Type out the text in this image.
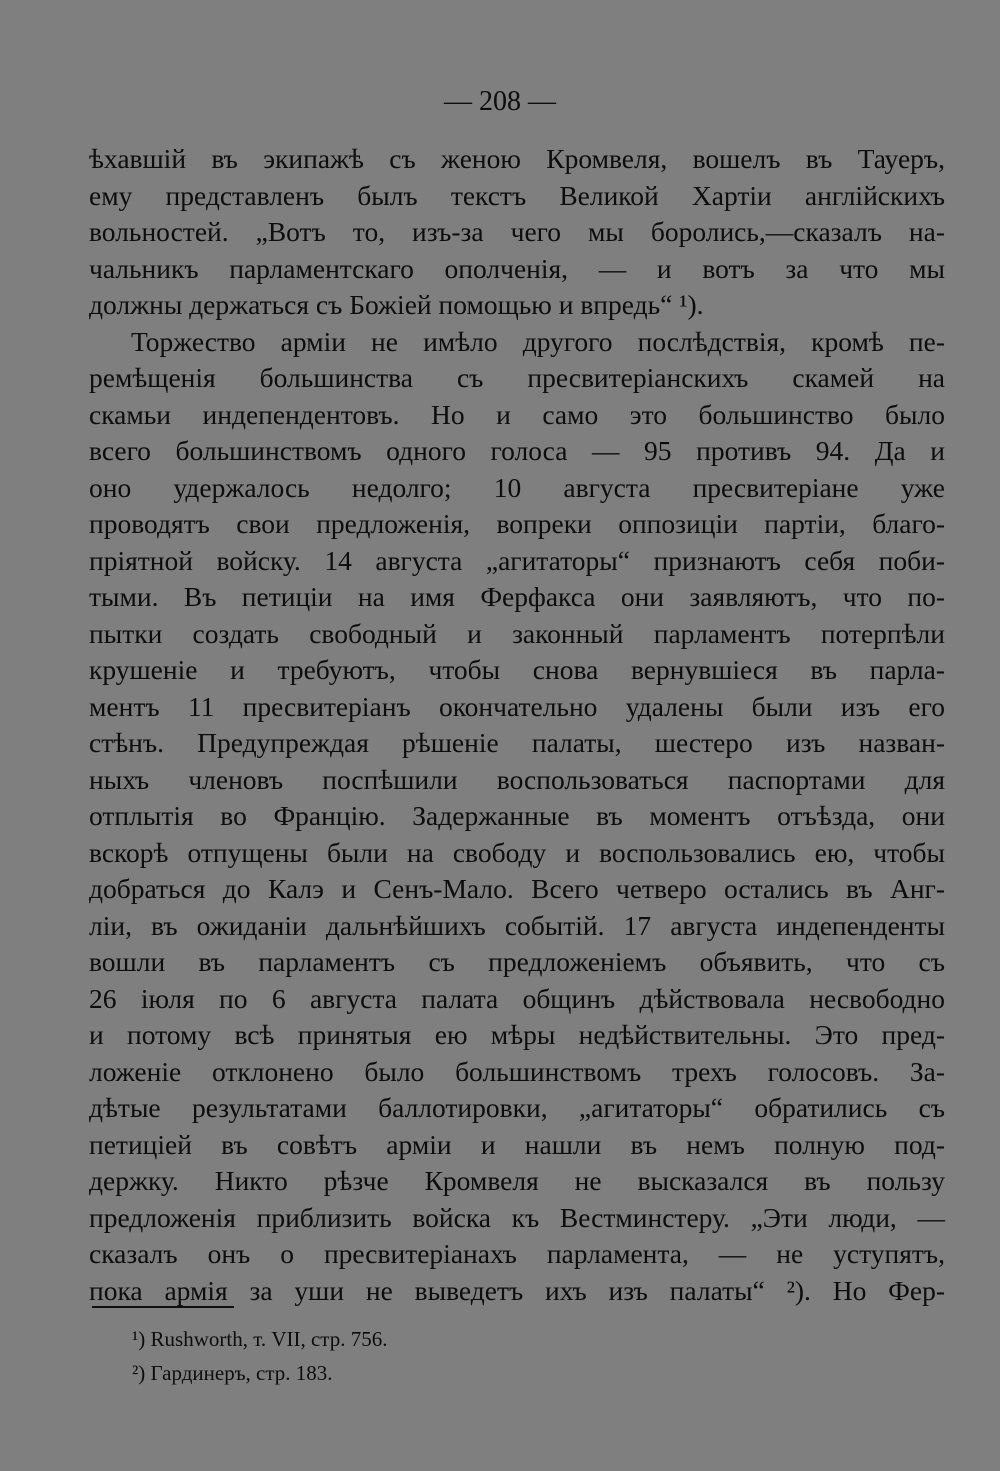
— 208 —
ѣхавшiй въ экипажѣ съ женою Кромвеля, вошелъ въ Тауеръ,
ему представленъ былъ текстъ Великой Хартiи англiйскихъ
вольностей. „Вотъ то, изъ-за чего мы боролись,—сказалъ на-
чальникъ парламентскаго ополченiя, — и вотъ за что мы
должны держаться съ Божiей помощью и впредь“ ¹).
Торжество армiи не имѣло другого послѣдствiя, кромѣ пе-
ремѣщенiя большинства съ пресвитерiанскихъ скамей на
скамьи индепендентовъ. Но и само это большинство было
всего большинствомъ одного голоса — 95 противъ 94. Да и
оно удержалось недолго; 10 августа пресвитерiане уже
проводятъ свои предложенiя, вопреки оппозицiи партiи, благо-
прiятной войску. 14 августа „агитаторы“ признаютъ себя поби-
тыми. Въ петицiи на имя Ферфакса они заявляютъ, что по-
пытки создать свободный и законный парламентъ потерпѣли
крушенiе и требуютъ, чтобы снова вернувшiеся въ парла-
ментъ 11 пресвитерiанъ окончательно удалены были изъ его
стѣнъ. Предупреждая рѣшенiе палаты, шестеро изъ назван-
ныхъ членовъ поспѣшили воспользоваться паспортами для
отплытiя во Францiю. Задержанные въ моментъ отъѣзда, они
вскорѣ отпущены были на свободу и воспользовались ею, чтобы
добраться до Калэ и Сенъ-Мало. Всего четверо остались въ Анг-
лiи, въ ожиданiи дальнѣйшихъ событiй. 17 августа индепенденты
вошли въ парламентъ съ предложенiемъ объявить, что съ
26 iюля по 6 августа палата общинъ дѣйствовала несвободно
и потому всѣ принятыя ею мѣры недѣйствительны. Это пред-
ложенiе отклонено было большинствомъ трехъ голосовъ. За-
дѣтые результатами баллотировки, „агитаторы“ обратились съ
петицiей въ совѣтъ армiи и нашли въ немъ полную под-
держку. Никто рѣзче Кромвеля не высказался въ пользу
предложенiя приблизить войска къ Вестминстеру. „Эти люди, —
сказалъ онъ о пресвитерiанахъ парламента, — не уступятъ,
пока армiя за уши не выведетъ ихъ изъ палаты“ ²). Но Фер-
¹) Rushworth, т. VII, стр. 756.
²) Гардинеръ, стр. 183.
